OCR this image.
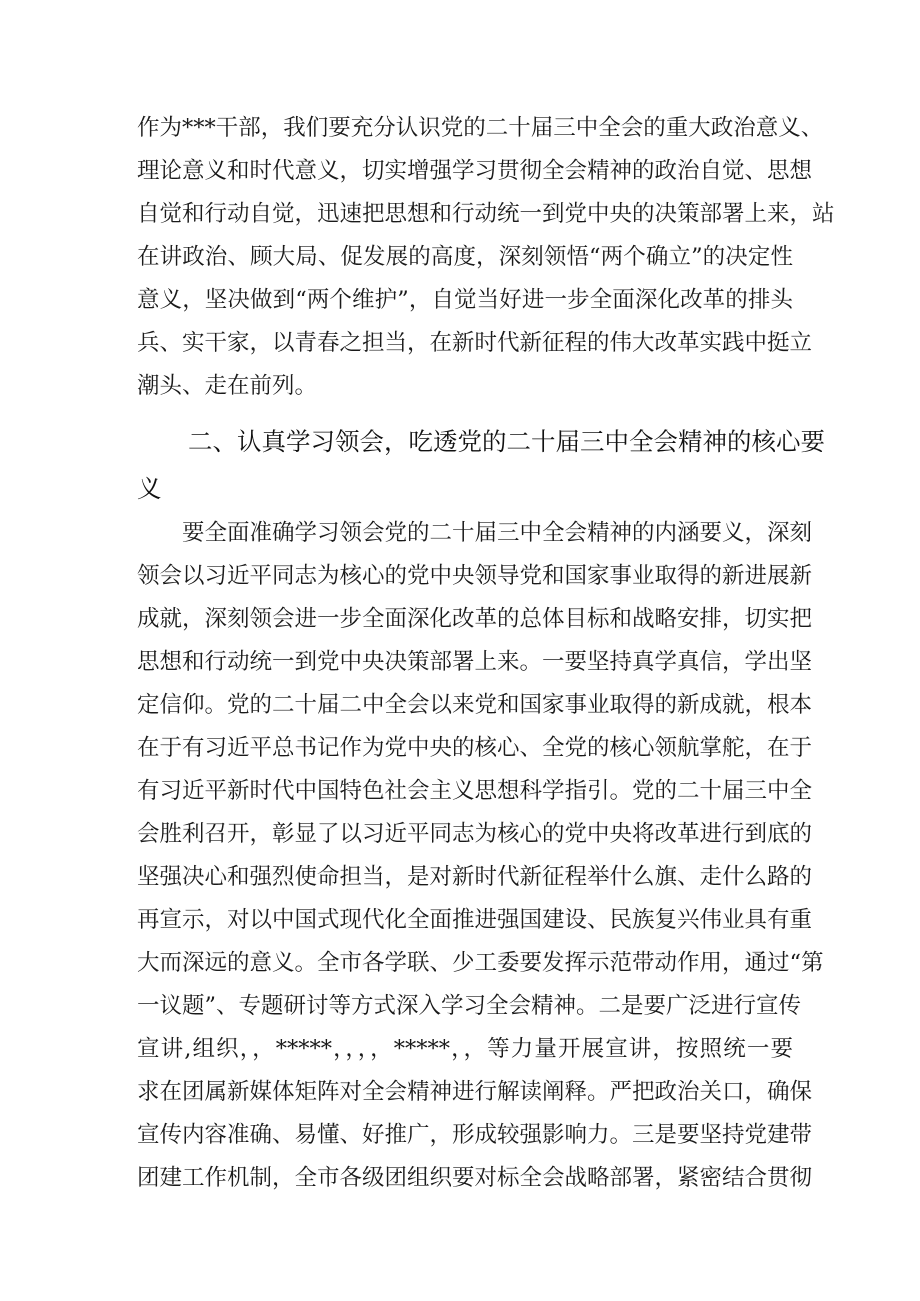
作为***干部，我们要充分认识党的二十届三中全会的重大政治意义、
理论意义和时代意义，切实增强学习贯彻全会精神的政治自觉、思想
自觉和行动自觉，迅速把思想和行动统一到党中央的决策部署上来，站
在讲政治、顾大局、促发展的高度，深刻领悟“两个确立”的决定性
意义，坚决做到“两个维护”，自觉当好进一步全面深化改革的排头
兵、实干家，以青春之担当，在新时代新征程的伟大改革实践中挺立
潮头、走在前列。
二、认真学习领会，吃透党的二十届三中全会精神的核心要
义
　　要全面准确学习领会党的二十届三中全会精神的内涵要义，深刻
领会以习近平同志为核心的党中央领导党和国家事业取得的新进展新
成就，深刻领会进一步全面深化改革的总体目标和战略安排，切实把
思想和行动统一到党中央决策部署上来。一要坚持真学真信，学出坚
定信仰。党的二十届二中全会以来党和国家事业取得的新成就，根本
在于有习近平总书记作为党中央的核心、全党的核心领航掌舵，在于
有习近平新时代中国特色社会主义思想科学指引。党的二十届三中全
会胜利召开，彰显了以习近平同志为核心的党中央将改革进行到底的
坚强决心和强烈使命担当，是对新时代新征程举什么旗、走什么路的
再宣示，对以中国式现代化全面推进强国建设、民族复兴伟业具有重
大而深远的意义。全市各学联、少工委要发挥示范带动作用，通过“第
一议题”、专题研讨等方式深入学习全会精神。二是要广泛进行宣传
宣讲,组织，，*****，，，，*****，，等力量开展宣讲，按照统一要
求在团属新媒体矩阵对全会精神进行解读阐释。严把政治关口，确保
宣传内容准确、易懂、好推广，形成较强影响力。三是要坚持党建带
团建工作机制，全市各级团组织要对标全会战略部署，紧密结合贯彻
